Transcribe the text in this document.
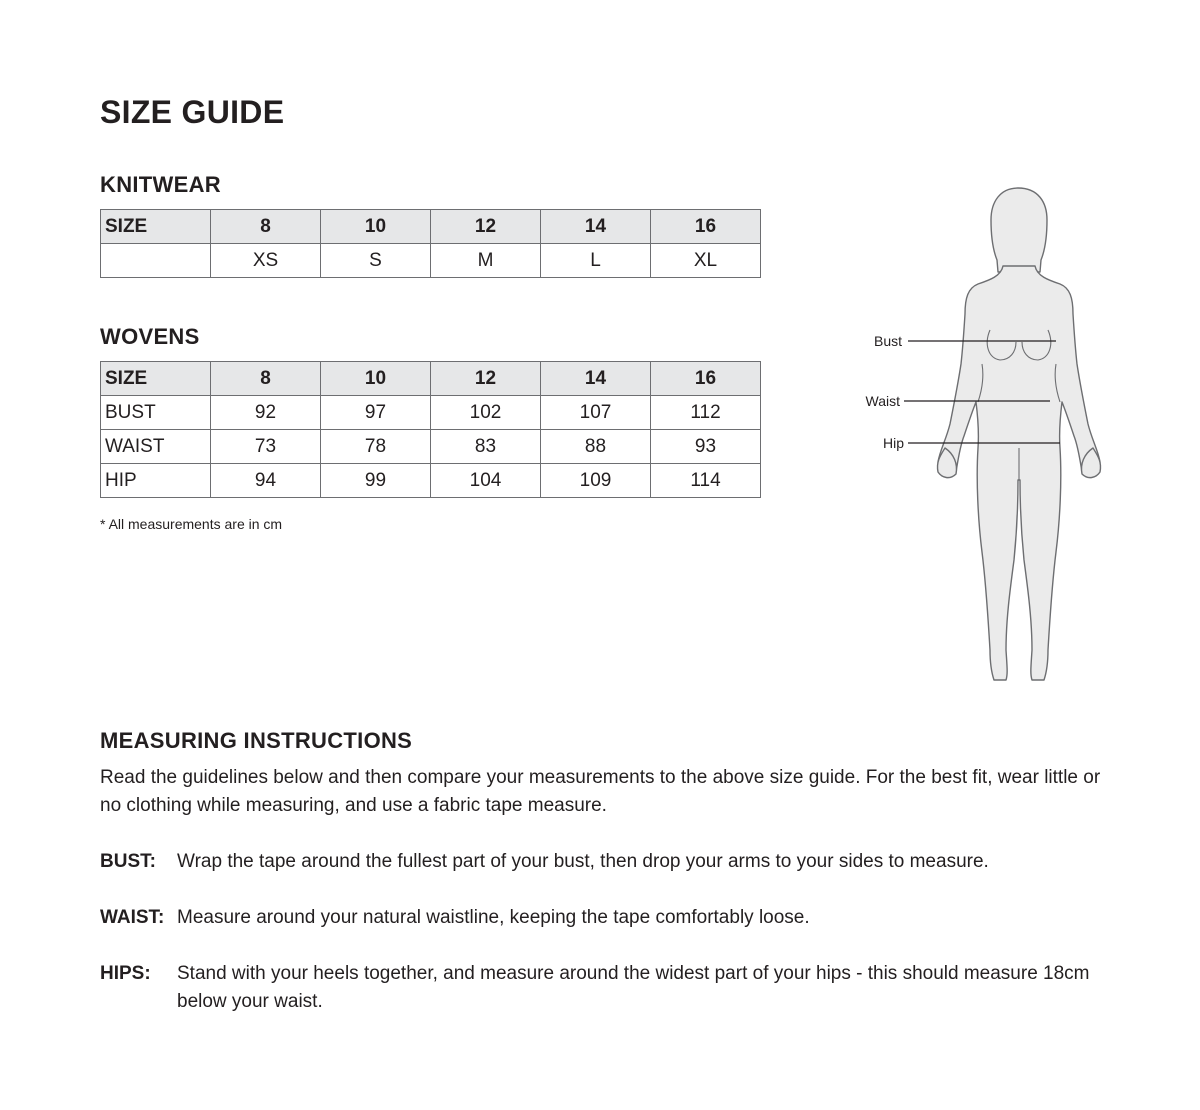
SIZE GUIDE
KNITWEAR
SIZE	8	10	12	14	16
	XS	S	M	L	XL
WOVENS
SIZE	8	10	12	14	16
BUST	92	97	102	107	112
WAIST	73	78	83	88	93
HIP	94	99	104	109	114

* All measurements are in cm

Bust
Waist
Hip
MEASURING INSTRUCTIONS

Read the guidelines below and then compare your measurements to the above size guide. For the best fit, wear little or no clothing while measuring, and use a fabric tape measure.

BUST: Wrap the tape around the fullest part of your bust, then drop your arms to your sides to measure.
WAIST: Measure around your natural waistline, keeping the tape comfortably loose.
HIPS: Stand with your heels together, and measure around the widest part of your hips - this should measure 18cm below your waist.
